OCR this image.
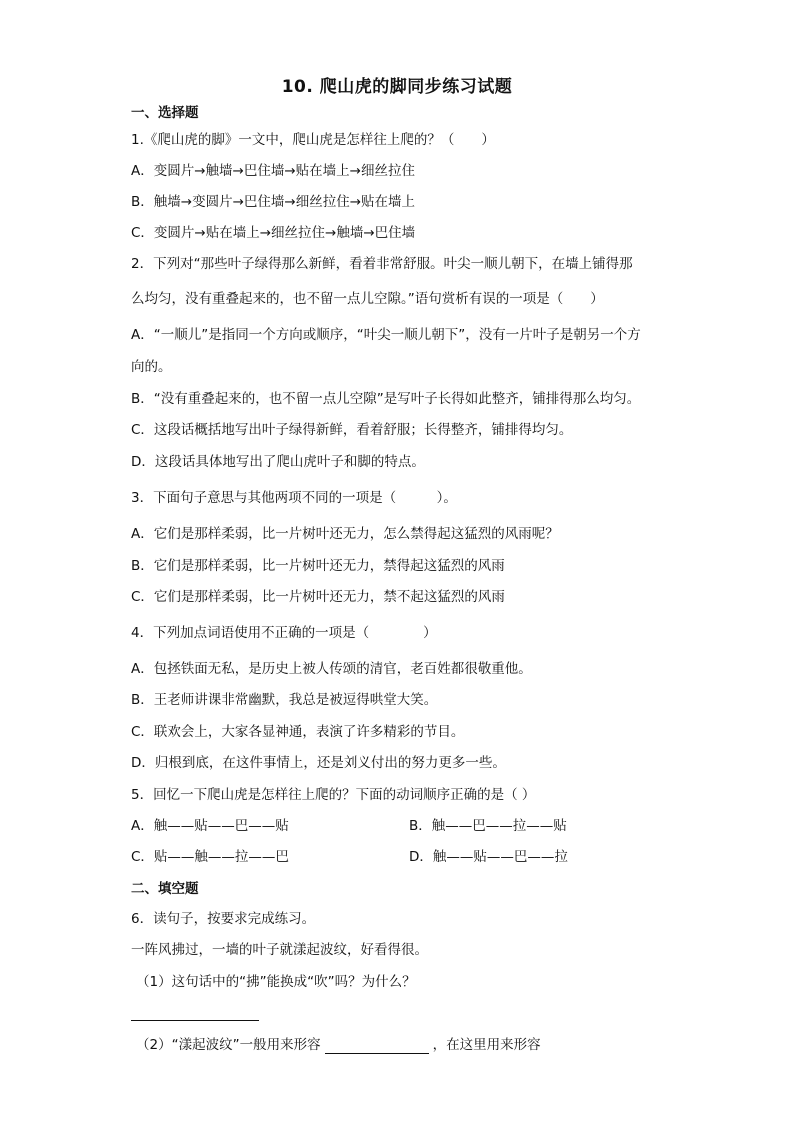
10. 爬山虎的脚同步练习试题
一、选择题
1.《爬山虎的脚》一文中，爬山虎是怎样往上爬的？（　　）
A．变圆片→触墙→巴住墙→贴在墙上→细丝拉住
B．触墙→变圆片→巴住墙→细丝拉住→贴在墙上
C．变圆片→贴在墙上→细丝拉住→触墙→巴住墙
2．下列对“那些叶子绿得那么新鲜，看着非常舒服。叶尖一顺儿朝下，在墙上铺得那
么均匀，没有重叠起来的，也不留一点儿空隙。”语句赏析有误的一项是（　　）
A．“一顺儿”是指同一个方向或顺序，“叶尖一顺儿朝下”，没有一片叶子是朝另一个方
向的。
B．“没有重叠起来的，也不留一点儿空隙”是写叶子长得如此整齐，铺排得那么均匀。
C．这段话概括地写出叶子绿得新鲜，看着舒服；长得整齐，铺排得均匀。
D．这段话具体地写出了爬山虎叶子和脚的特点。
3．下面句子意思与其他两项不同的一项是（　　　）。
A．它们是那样柔弱，比一片树叶还无力，怎么禁得起这猛烈的风雨呢？
B．它们是那样柔弱，比一片树叶还无力，禁得起这猛烈的风雨
C．它们是那样柔弱，比一片树叶还无力，禁不起这猛烈的风雨
4．下列加点词语使用不正确的一项是（　　　　）
A．包拯铁面无私，是历史上被人传颂的清官，老百姓都很敬重他。
B．王老师讲课非常幽默，我总是被逗得哄堂大笑。
C．联欢会上，大家各显神通，表演了许多精彩的节目。
D．归根到底，在这件事情上，还是刘义付出的努力更多一些。
5．回忆一下爬山虎是怎样往上爬的？下面的动词顺序正确的是（ ）
A．触——贴——巴——贴	B．触——巴——拉——贴
C．贴——触——拉——巴	D．触——贴——巴——拉
二、填空题
6．读句子，按要求完成练习。
一阵风拂过，一墙的叶子就漾起波纹，好看得很。
（1）这句话中的“拂”能换成“吹”吗？为什么？
（2）“漾起波纹”一般用来形容	，在这里用来形容
